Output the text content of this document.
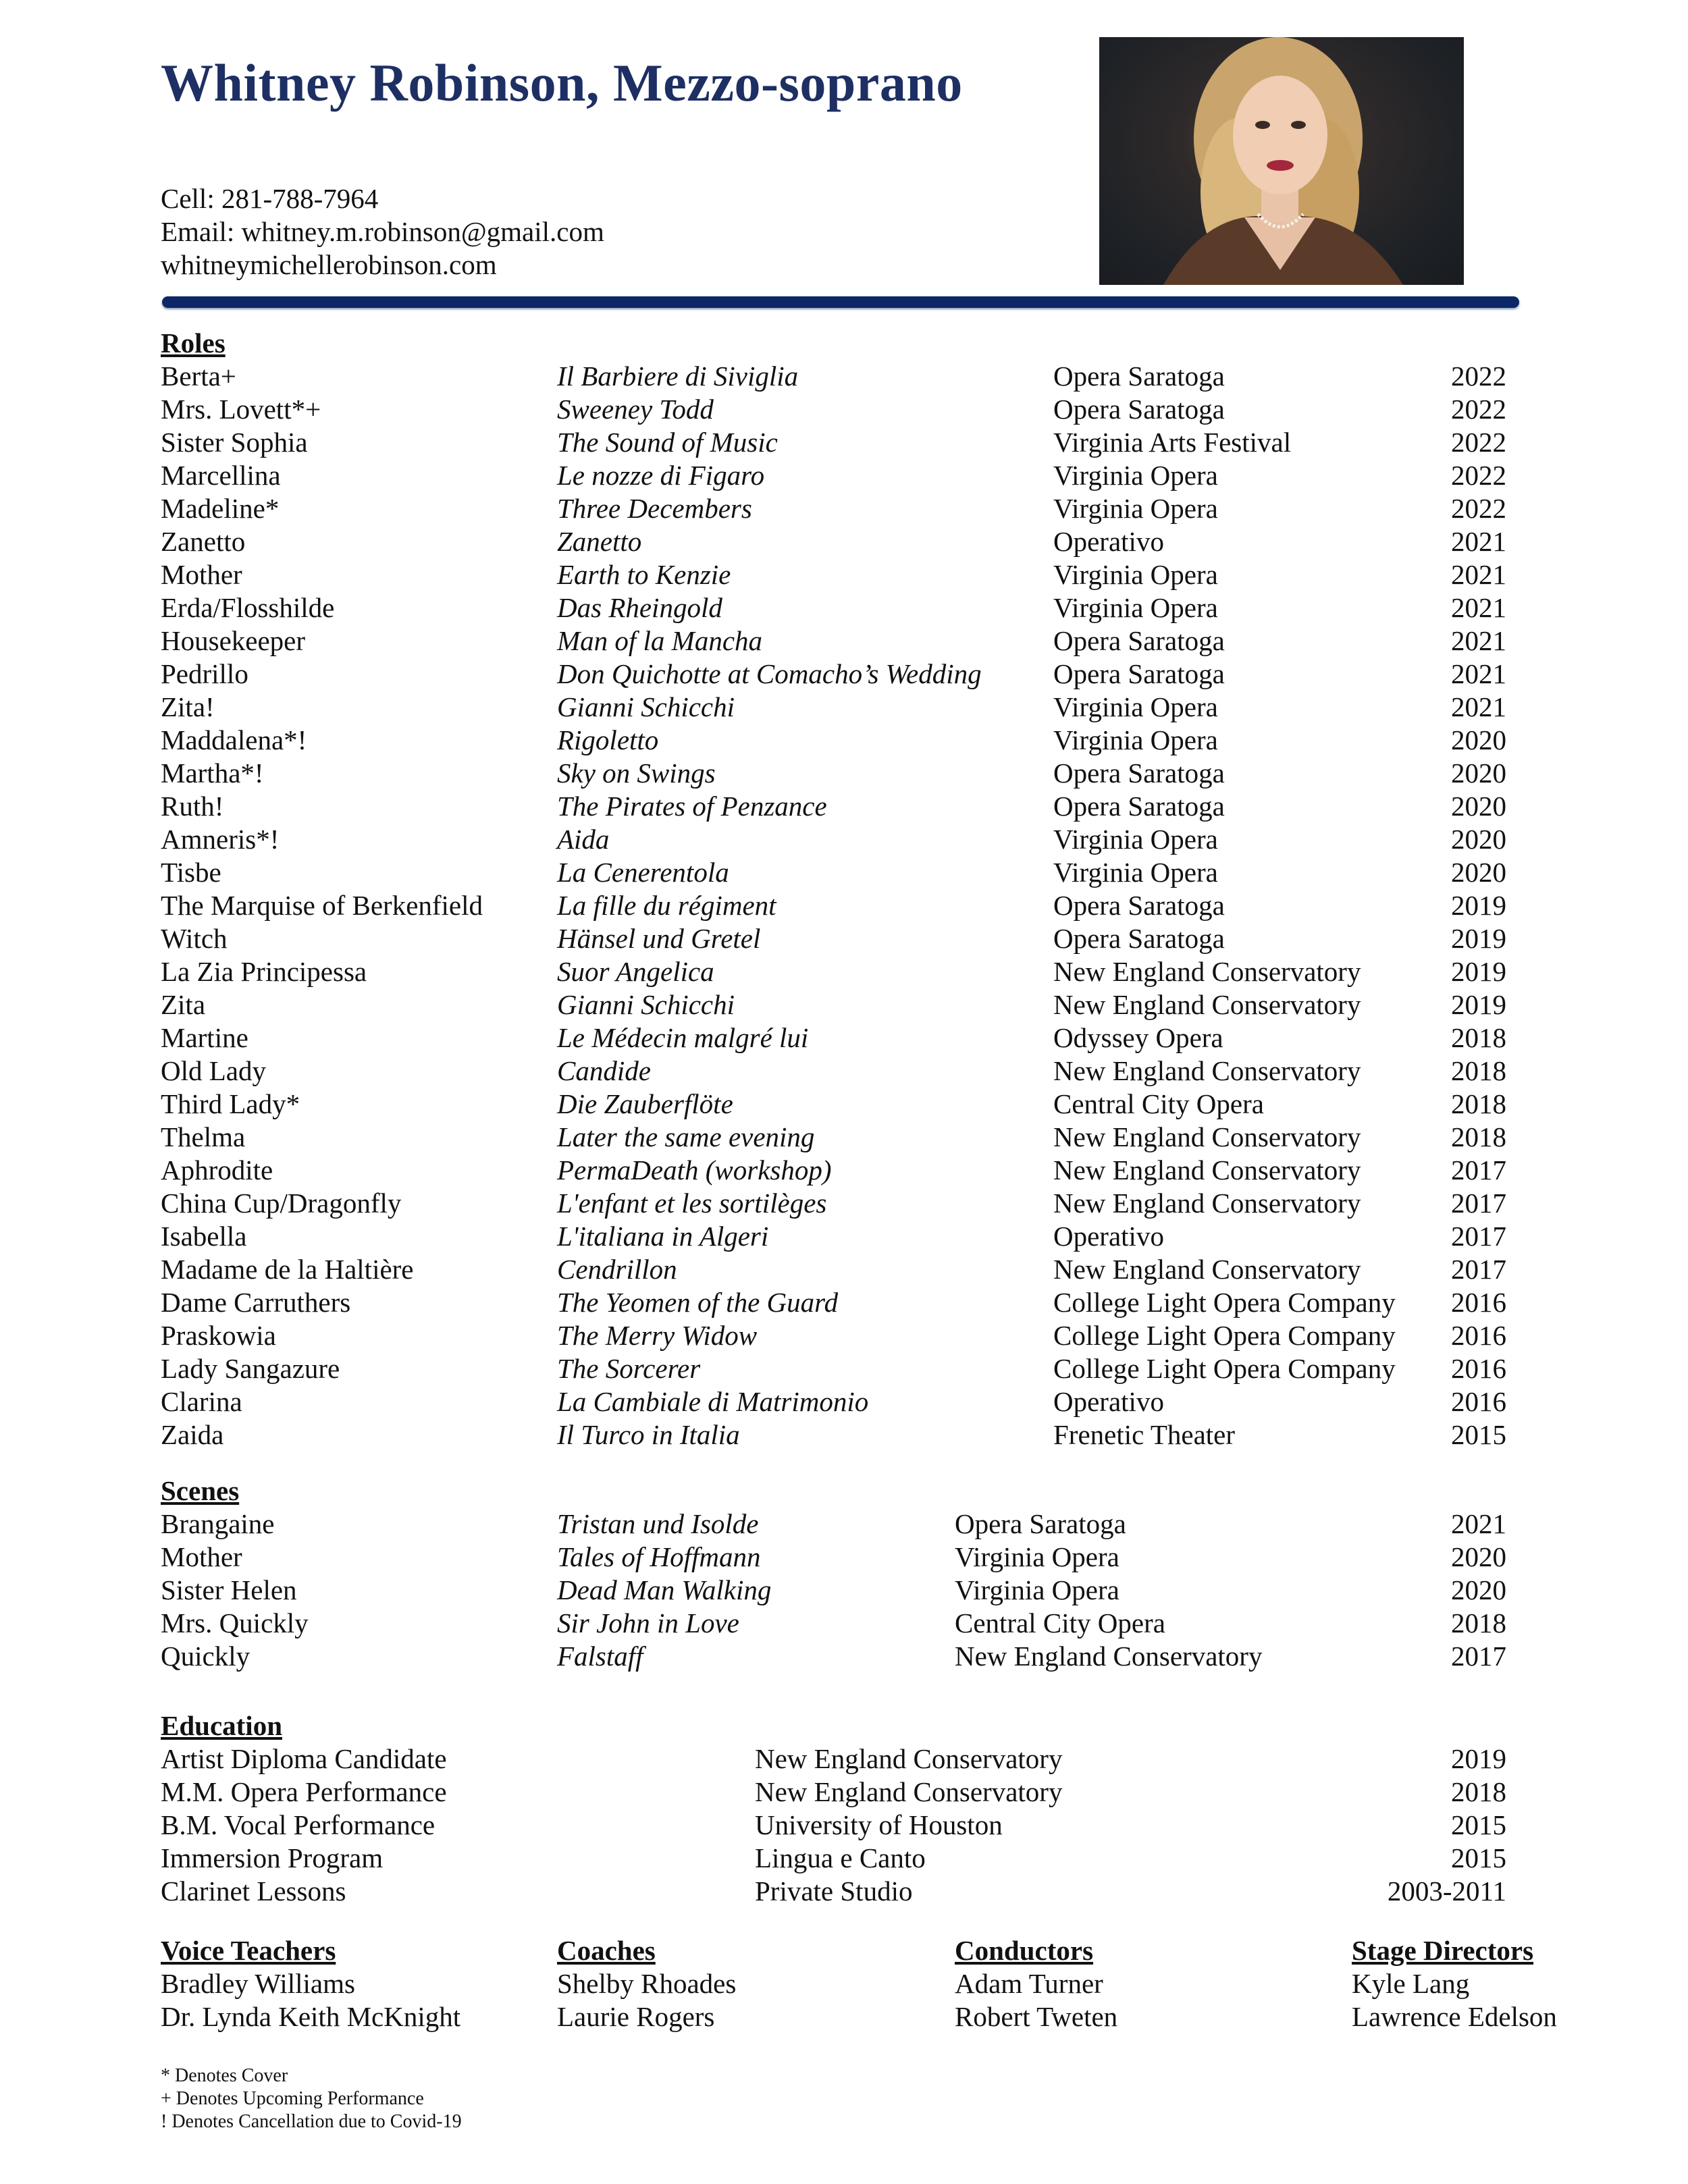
Whitney Robinson, Mezzo-soprano
Cell: 281-788-7964
Email: whitney.m.robinson@gmail.com
whitneymichellerobinson.com
Roles
Berta+	Il Barbiere di Siviglia	Opera Saratoga	2022
Mrs. Lovett*+	Sweeney Todd	Opera Saratoga	2022
Sister Sophia	The Sound of Music	Virginia Arts Festival	2022
Marcellina	Le nozze di Figaro	Virginia Opera	2022
Madeline*	Three Decembers	Virginia Opera	2022
Zanetto	Zanetto	Operativo	2021
Mother	Earth to Kenzie	Virginia Opera	2021
Erda/Flosshilde	Das Rheingold	Virginia Opera	2021
Housekeeper	Man of la Mancha	Opera Saratoga	2021
Pedrillo	Don Quichotte at Comacho’s Wedding	Opera Saratoga	2021
Zita!	Gianni Schicchi	Virginia Opera	2021
Maddalena*!	Rigoletto	Virginia Opera	2020
Martha*!	Sky on Swings	Opera Saratoga	2020
Ruth!	The Pirates of Penzance	Opera Saratoga	2020
Amneris*!	Aida	Virginia Opera	2020
Tisbe	La Cenerentola	Virginia Opera	2020
The Marquise of Berkenfield	La fille du régiment	Opera Saratoga	2019
Witch	Hänsel und Gretel	Opera Saratoga	2019
La Zia Principessa	Suor Angelica	New England Conservatory	2019
Zita	Gianni Schicchi	New England Conservatory	2019
Martine	Le Médecin malgré lui	Odyssey Opera	2018
Old Lady	Candide	New England Conservatory	2018
Third Lady*	Die Zauberflöte	Central City Opera	2018
Thelma	Later the same evening	New England Conservatory	2018
Aphrodite	PermaDeath (workshop)	New England Conservatory	2017
China Cup/Dragonfly	L'enfant et les sortilèges	New England Conservatory	2017
Isabella	L'italiana in Algeri	Operativo	2017
Madame de la Haltière	Cendrillon	New England Conservatory	2017
Dame Carruthers	The Yeomen of the Guard	College Light Opera Company 2016
Praskowia	The Merry Widow	College Light Opera Company 2016
Lady Sangazure	The Sorcerer	College Light Opera Company 2016
Clarina	La Cambiale di Matrimonio	Operativo	2016
Zaida	Il Turco in Italia	Frenetic Theater	2015
Scenes
Brangaine	Tristan und Isolde	Opera Saratoga	2021
Mother	Tales of Hoffmann	Virginia Opera	2020
Sister Helen	Dead Man Walking	Virginia Opera	2020
Mrs. Quickly	Sir John in Love	Central City Opera	2018
Quickly	Falstaff	New England Conservatory	2017
Education
Artist Diploma Candidate	New England Conservatory	2019
M.M. Opera Performance	New England Conservatory	2018
B.M. Vocal Performance	University of Houston	2015
Immersion Program	Lingua e Canto	2015
Clarinet Lessons	Private Studio	2003-2011
Voice Teachers
Bradley Williams
Dr. Lynda Keith McKnight
Coaches
Shelby Rhoades
Laurie Rogers
Conductors
Adam Turner
Robert Tweten
Stage Directors
Kyle Lang
Lawrence Edelson
* Denotes Cover
+ Denotes Upcoming Performance
! Denotes Cancellation due to Covid-19
